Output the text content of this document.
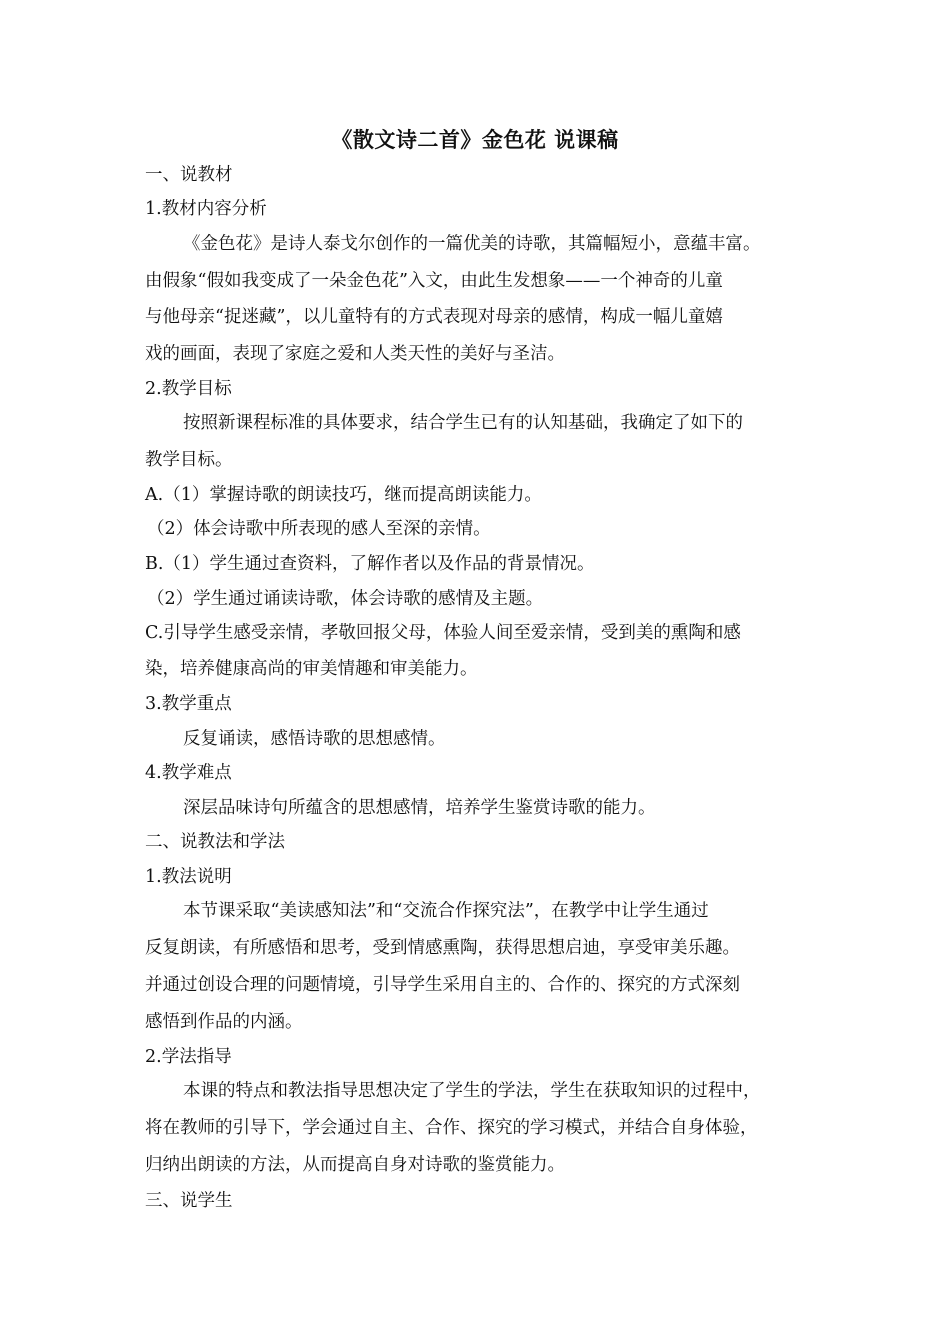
《散文诗二首》金色花 说课稿
一、说教材
1.教材内容分析
《金色花》是诗人泰戈尔创作的一篇优美的诗歌，其篇幅短小，意蕴丰富。
由假象“假如我变成了一朵金色花”入文，由此生发想象——一个神奇的儿童
与他母亲“捉迷藏”，以儿童特有的方式表现对母亲的感情，构成一幅儿童嬉
戏的画面，表现了家庭之爱和人类天性的美好与圣洁。
2.教学目标
按照新课程标准的具体要求，结合学生已有的认知基础，我确定了如下的
教学目标。
A.（1）掌握诗歌的朗读技巧，继而提高朗读能力。
（2）体会诗歌中所表现的感人至深的亲情。
B.（1）学生通过查资料，了解作者以及作品的背景情况。
（2）学生通过诵读诗歌，体会诗歌的感情及主题。
C.引导学生感受亲情，孝敬回报父母，体验人间至爱亲情，受到美的熏陶和感
染，培养健康高尚的审美情趣和审美能力。
3.教学重点
反复诵读，感悟诗歌的思想感情。
4.教学难点
深层品味诗句所蕴含的思想感情，培养学生鉴赏诗歌的能力。
二、说教法和学法
1.教法说明
本节课采取“美读感知法”和“交流合作探究法”，在教学中让学生通过
反复朗读，有所感悟和思考，受到情感熏陶，获得思想启迪，享受审美乐趣。
并通过创设合理的问题情境，引导学生采用自主的、合作的、探究的方式深刻
感悟到作品的内涵。
2.学法指导
本课的特点和教法指导思想决定了学生的学法，学生在获取知识的过程中，
将在教师的引导下，学会通过自主、合作、探究的学习模式，并结合自身体验，
归纳出朗读的方法，从而提高自身对诗歌的鉴赏能力。
三、说学生
